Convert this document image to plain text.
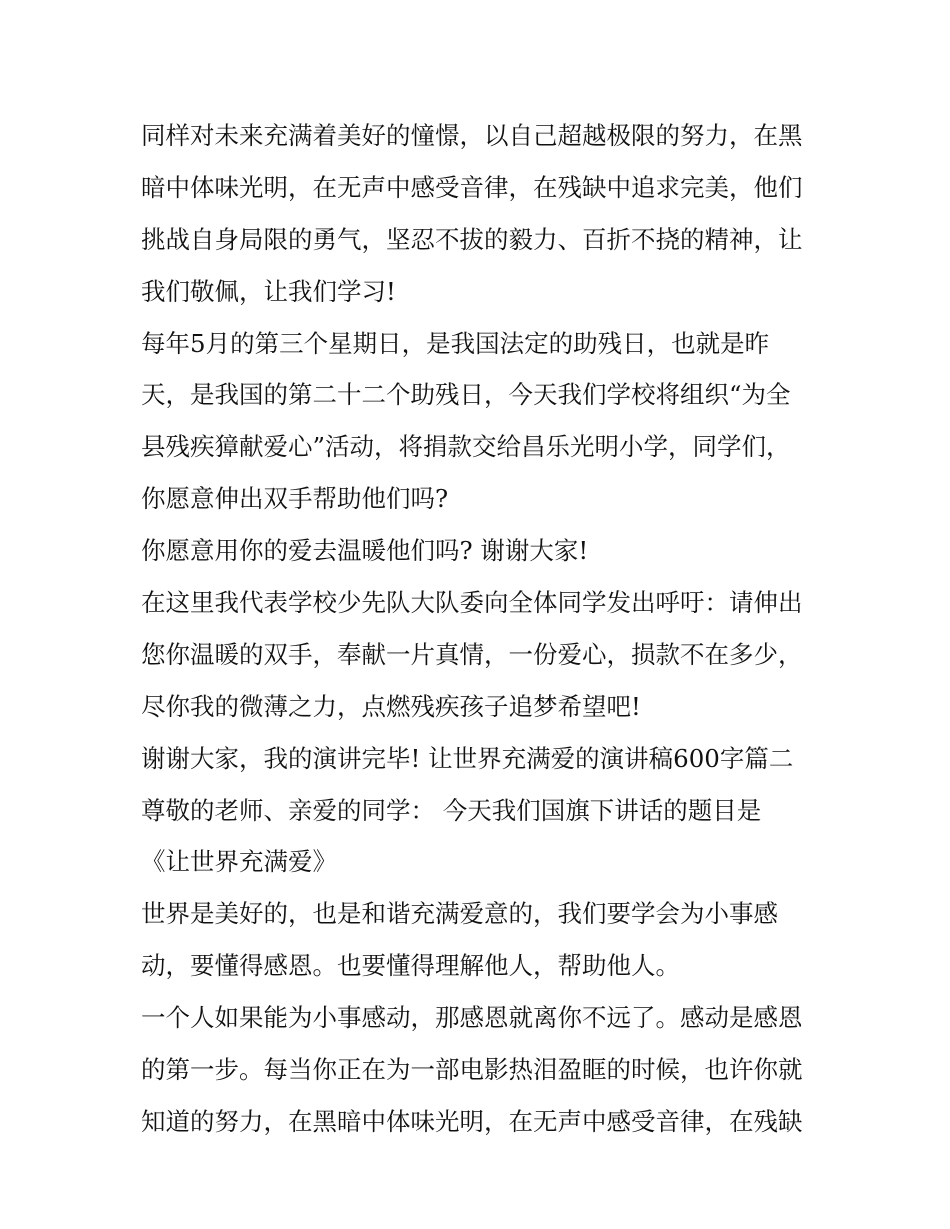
同样对未来充满着美好的憧憬，以自己超越极限的努力，在黑
暗中体味光明，在无声中感受音律，在残缺中追求完美，他们
挑战自身局限的勇气，坚忍不拔的毅力、百折不挠的精神，让
我们敬佩，让我们学习!
每年5月的第三个星期日，是我国法定的助残日，也就是昨
天，是我国的第二十二个助残日，今天我们学校将组织“为全
县残疾獐献爱心”活动，将捐款交给昌乐光明小学，同学们，
你愿意伸出双手帮助他们吗?
你愿意用你的爱去温暖他们吗? 谢谢大家!
在这里我代表学校少先队大队委向全体同学发出呼吁：请伸出
您你温暖的双手，奉献一片真情，一份爱心，损款不在多少，
尽你我的微薄之力，点燃残疾孩子追梦希望吧!
谢谢大家，我的演讲完毕! 让世界充满爱的演讲稿600字篇二
尊敬的老师、亲爱的同学： 今天我们国旗下讲话的题目是
《让世界充满爱》
世界是美好的，也是和谐充满爱意的，我们要学会为小事感
动，要懂得感恩。也要懂得理解他人，帮助他人。
一个人如果能为小事感动，那感恩就离你不远了。感动是感恩
的第一步。每当你正在为一部电影热泪盈眶的时候，也许你就
知道的努力，在黑暗中体味光明，在无声中感受音律，在残缺
